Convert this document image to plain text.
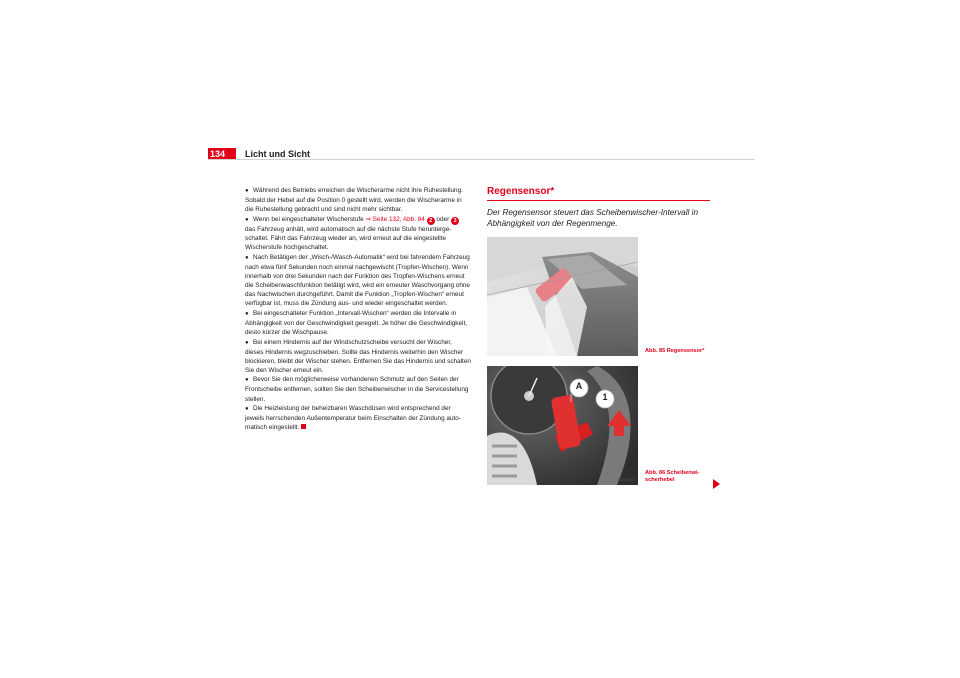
134 Licht und Sicht

● Während des Betriebs erreichen die Wischerarme nicht ihre Ruhestellung. Sobald der Hebel auf die Position 0 gestellt wird, werden die Wischerarme in die Ruhestellung gebracht und sind nicht mehr sichtbar.

● Wenn bei eingeschalteter Wischerstufe ⇒ Seite 132, Abb. 84 2 oder 3 das Fahrzeug anhält, wird automatisch auf die nächste Stufe heruntergeschaltet. Fährt das Fahrzeug wieder an, wird erneut auf die eingestellte Wischerstufe hochgeschaltet.

● Nach Betätigen der „Wisch-/Wasch-Automatik“ wird bei fahrendem Fahrzeug nach etwa fünf Sekunden noch einmal nachgewischt (Tropfen-Wischen). Wenn innerhalb von drei Sekunden nach der Funktion des Tropfen-Wischens erneut die Scheibenwaschfunktion betätigt wird, wird ein erneuter Waschvorgang ohne das Nachwischen durchgeführt. Damit die Funktion „Tropfen-Wischen“ erneut verfügbar ist, muss die Zündung aus- und wieder eingeschaltet werden.

● Bei eingeschalteter Funktion „Intervall-Wischen“ werden die Intervalle in Abhängigkeit von der Geschwindigkeit geregelt. Je höher die Geschwindigkeit, desto kürzer die Wischpause.

● Bei einem Hindernis auf der Windschutzscheibe versucht der Wischer, dieses Hindernis wegzuschieben. Sollte das Hindernis weiterhin den Wischer blockieren, bleibt der Wischer stehen. Entfernen Sie das Hindernis und schalten Sie den Wischer erneut ein.

● Bevor Sie den möglicherweise vorhandenen Schmutz auf den Seiten der Frontscheibe entfernen, sollten Sie den Scheibenwischer in die Servicestellung stellen.

● Die Heizleistung der beheizbaren Waschdüsen wird entsprechend der jeweils herrschenden Außentemperatur beim Einschalten der Zündung automatisch eingestellt.

Regensensor*
Der Regensensor steuert das Scheibenwischer-Intervall in Abhängigkeit von der Regenmenge.
B1P-0086 Abb. 85 Regensensor*
A
1
B1P-0449
Abb. 86 Scheibenwischerhebel
